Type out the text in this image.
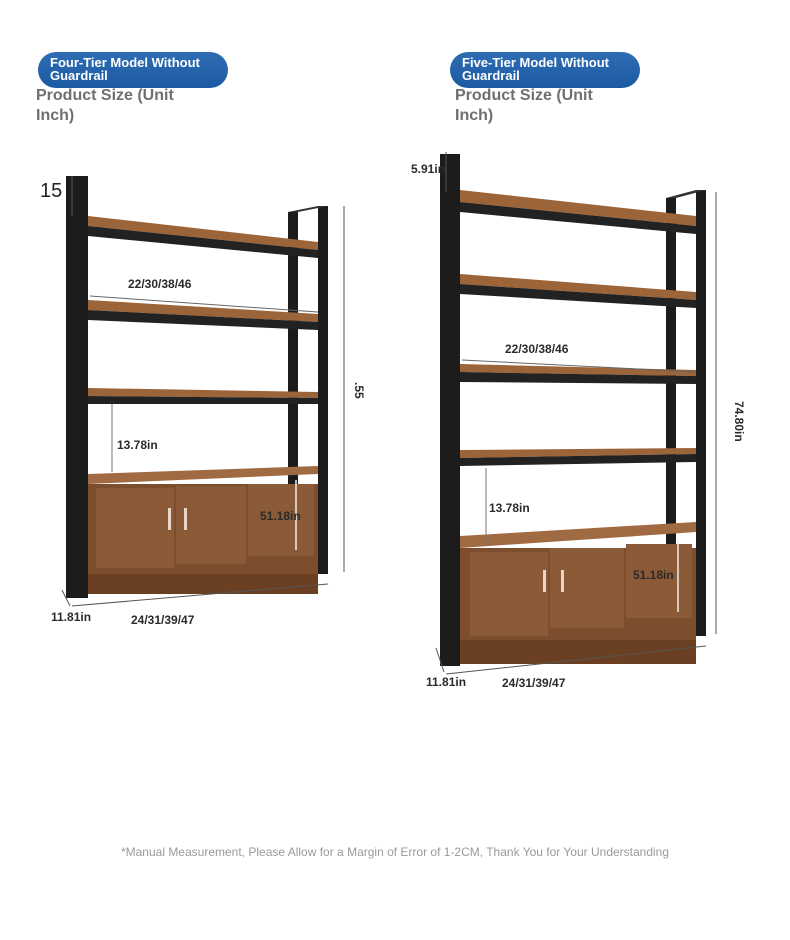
Four-Tier Model Without
Guardrail
Product Size (Unit Inch)
15
22/30/38/46
13.78in
51.18in
.55
11.81in	24/31/39/47
Five-Tier Model Without
Guardrail
Product Size (Unit Inch)
5.91in
22/30/38/46
13.78in
51.18in
74.80in
11.81in	24/31/39/47
*Manual Measurement, Please Allow for a Margin of Error of 1-2CM, Thank You for Your Understanding
